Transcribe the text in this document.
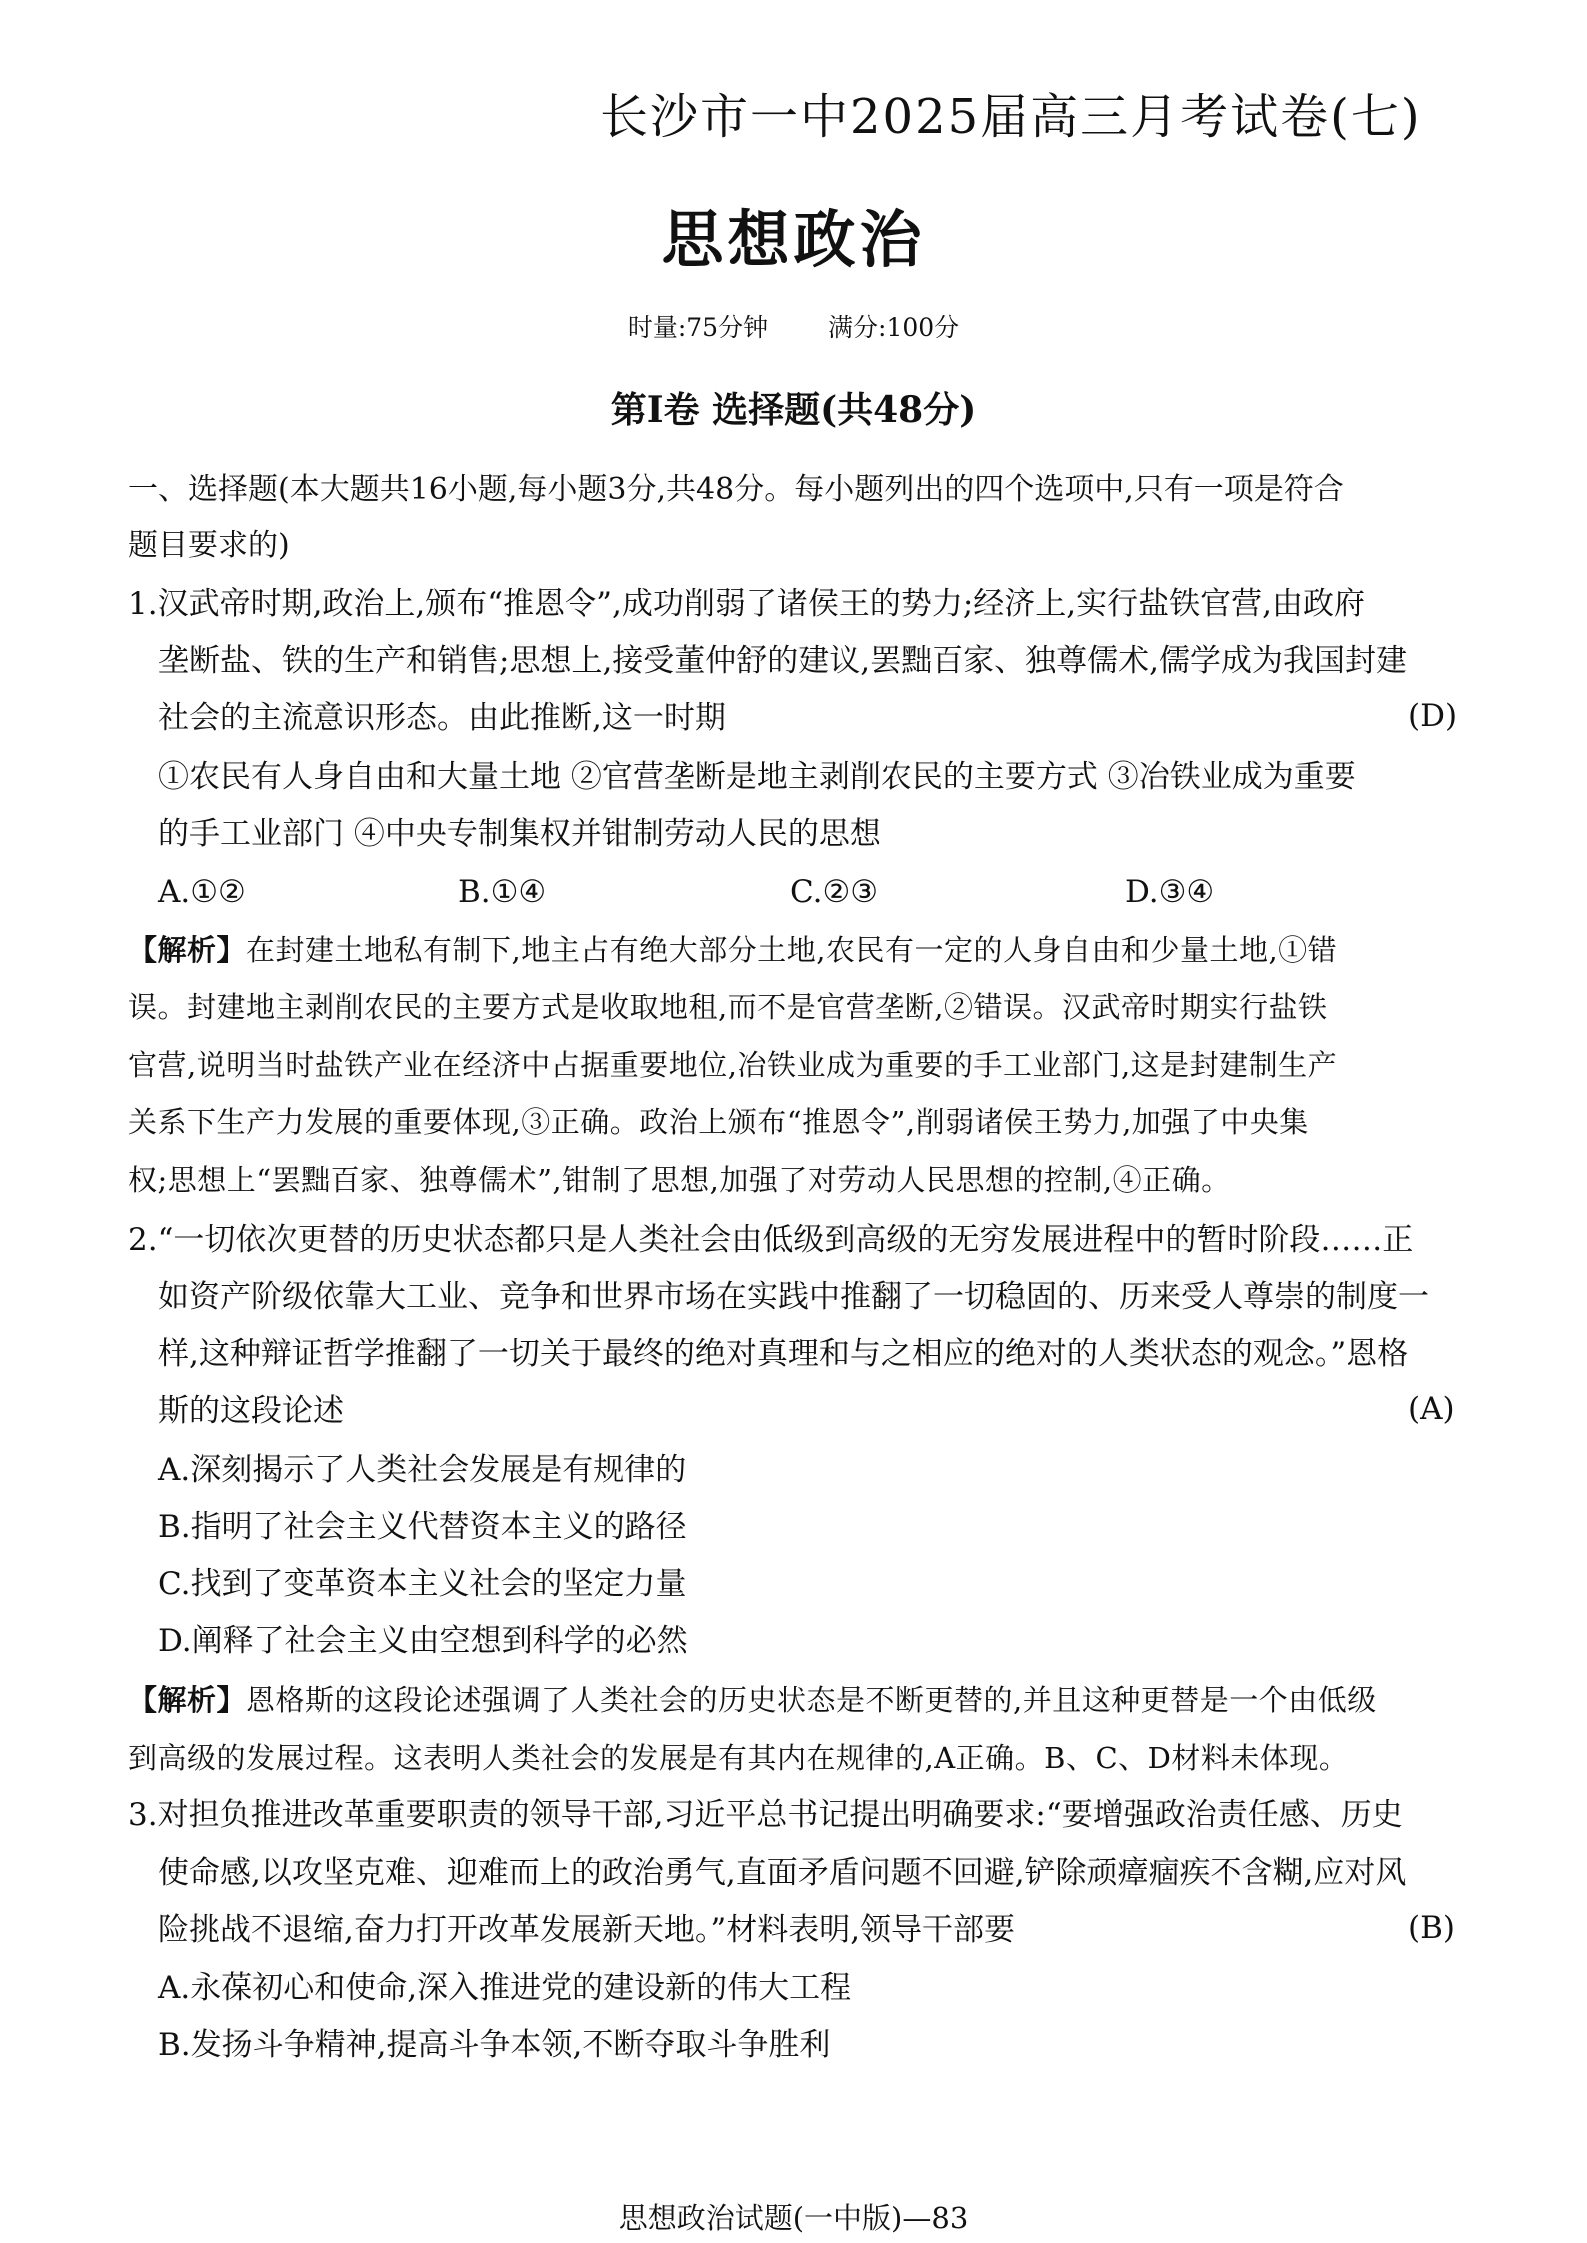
长沙市一中2025届高三月考试卷(七)
思想政治
时量:75分钟 满分:100分
第Ⅰ卷 选择题(共48分)
一、选择题(本大题共16小题,每小题3分,共48分。每小题列出的四个选项中,只有一项是符合
题目要求的)
1.汉武帝时期,政治上,颁布“推恩令”,成功削弱了诸侯王的势力;经济上,实行盐铁官营,由政府
垄断盐、铁的生产和销售;思想上,接受董仲舒的建议,罢黜百家、独尊儒术,儒学成为我国封建
社会的主流意识形态。由此推断,这一时期	(D)
①农民有人身自由和大量土地 ②官营垄断是地主剥削农民的主要方式 ③冶铁业成为重要
的手工业部门 ④中央专制集权并钳制劳动人民的思想
A.①②	B.①④	C.②③	D.③④
【解析】在封建土地私有制下,地主占有绝大部分土地,农民有一定的人身自由和少量土地,①错
误。封建地主剥削农民的主要方式是收取地租,而不是官营垄断,②错误。汉武帝时期实行盐铁
官营,说明当时盐铁产业在经济中占据重要地位,冶铁业成为重要的手工业部门,这是封建制生产
关系下生产力发展的重要体现,③正确。政治上颁布“推恩令”,削弱诸侯王势力,加强了中央集
权;思想上“罢黜百家、独尊儒术”,钳制了思想,加强了对劳动人民思想的控制,④正确。
2.“一切依次更替的历史状态都只是人类社会由低级到高级的无穷发展进程中的暂时阶段……正
如资产阶级依靠大工业、竞争和世界市场在实践中推翻了一切稳固的、历来受人尊崇的制度一
样,这种辩证哲学推翻了一切关于最终的绝对真理和与之相应的绝对的人类状态的观念。”恩格
斯的这段论述	(A)
A.深刻揭示了人类社会发展是有规律的
B.指明了社会主义代替资本主义的路径
C.找到了变革资本主义社会的坚定力量
D.阐释了社会主义由空想到科学的必然
【解析】恩格斯的这段论述强调了人类社会的历史状态是不断更替的,并且这种更替是一个由低级
到高级的发展过程。这表明人类社会的发展是有其内在规律的,A正确。B、C、D材料未体现。
3.对担负推进改革重要职责的领导干部,习近平总书记提出明确要求:“要增强政治责任感、历史
使命感,以攻坚克难、迎难而上的政治勇气,直面矛盾问题不回避,铲除顽瘴痼疾不含糊,应对风
险挑战不退缩,奋力打开改革发展新天地。”材料表明,领导干部要	(B)
A.永葆初心和使命,深入推进党的建设新的伟大工程
B.发扬斗争精神,提高斗争本领,不断夺取斗争胜利
思想政治试题(一中版)—83
